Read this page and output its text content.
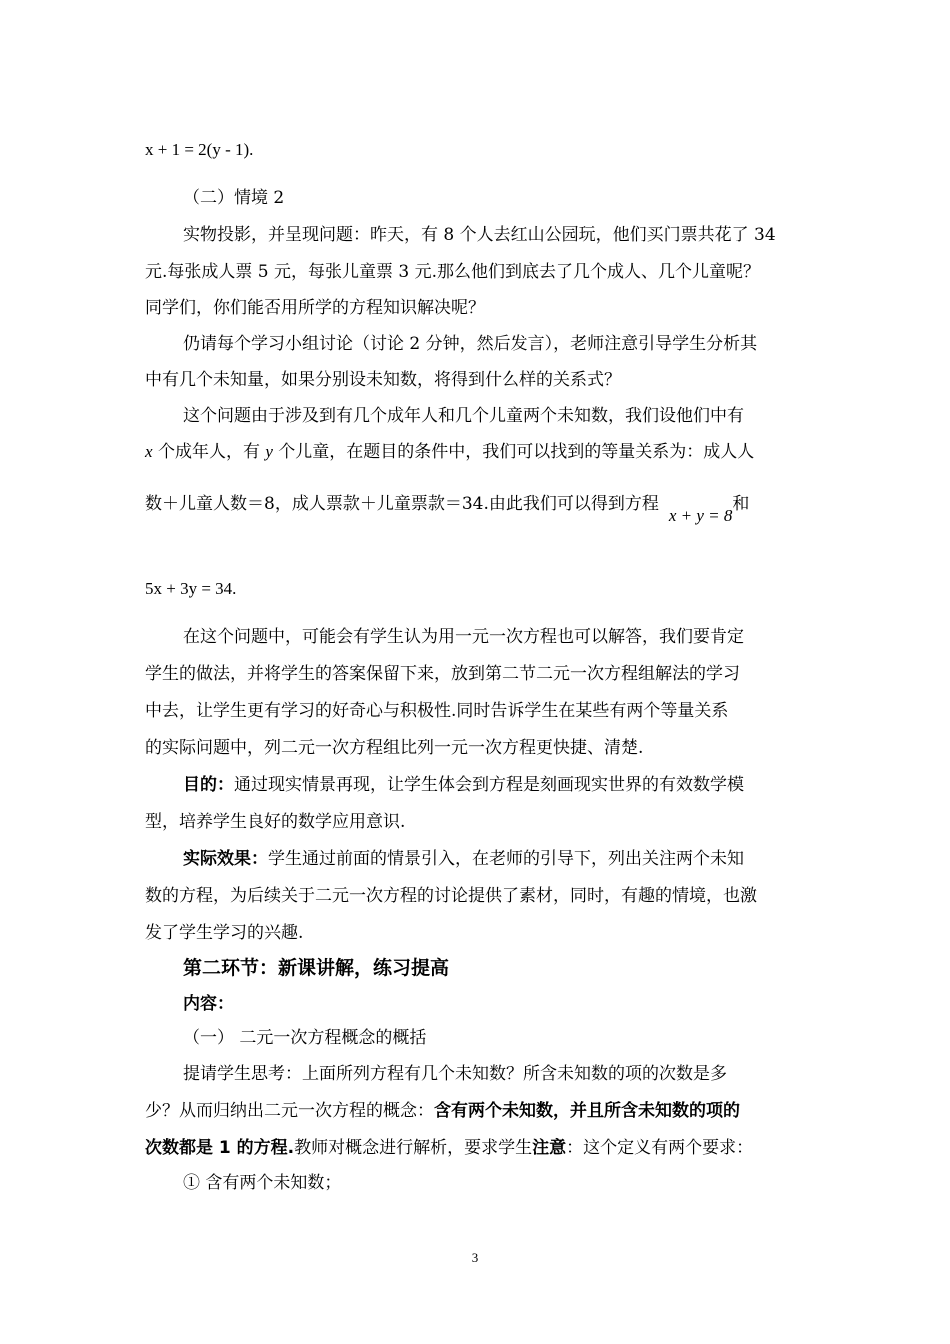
x + 1 = 2(y - 1).
（二）情境 2
实物投影，并呈现问题：昨天，有 8 个人去红山公园玩，他们买门票共花了 34
元.每张成人票 5 元，每张儿童票 3 元.那么他们到底去了几个成人、几个儿童呢？
同学们，你们能否用所学的方程知识解决呢？
仍请每个学习小组讨论（讨论 2 分钟，然后发言），老师注意引导学生分析其
中有几个未知量，如果分别设未知数，将得到什么样的关系式？
这个问题由于涉及到有几个成年人和几个儿童两个未知数，我们设他们中有
x 个成年人，有 y 个儿童，在题目的条件中，我们可以找到的等量关系为：成人人
数＋儿童人数＝8，成人票款＋儿童票款＝34.由此我们可以得到方程x + y = 8和
5x + 3y = 34.
在这个问题中，可能会有学生认为用一元一次方程也可以解答，我们要肯定
学生的做法，并将学生的答案保留下来，放到第二节二元一次方程组解法的学习
中去，让学生更有学习的好奇心与积极性.同时告诉学生在某些有两个等量关系
的实际问题中，列二元一次方程组比列一元一次方程更快捷、清楚.
目的：通过现实情景再现，让学生体会到方程是刻画现实世界的有效数学模
型，培养学生良好的数学应用意识.
实际效果：学生通过前面的情景引入，在老师的引导下，列出关注两个未知
数的方程，为后续关于二元一次方程的讨论提供了素材，同时，有趣的情境，也激
发了学生学习的兴趣.
第二环节：新课讲解，练习提高
内容：
（一） 二元一次方程概念的概括
提请学生思考：上面所列方程有几个未知数？所含未知数的项的次数是多
少？从而归纳出二元一次方程的概念：含有两个未知数，并且所含未知数的项的
次数都是 1 的方程.教师对概念进行解析，要求学生注意：这个定义有两个要求：
① 含有两个未知数；
3
